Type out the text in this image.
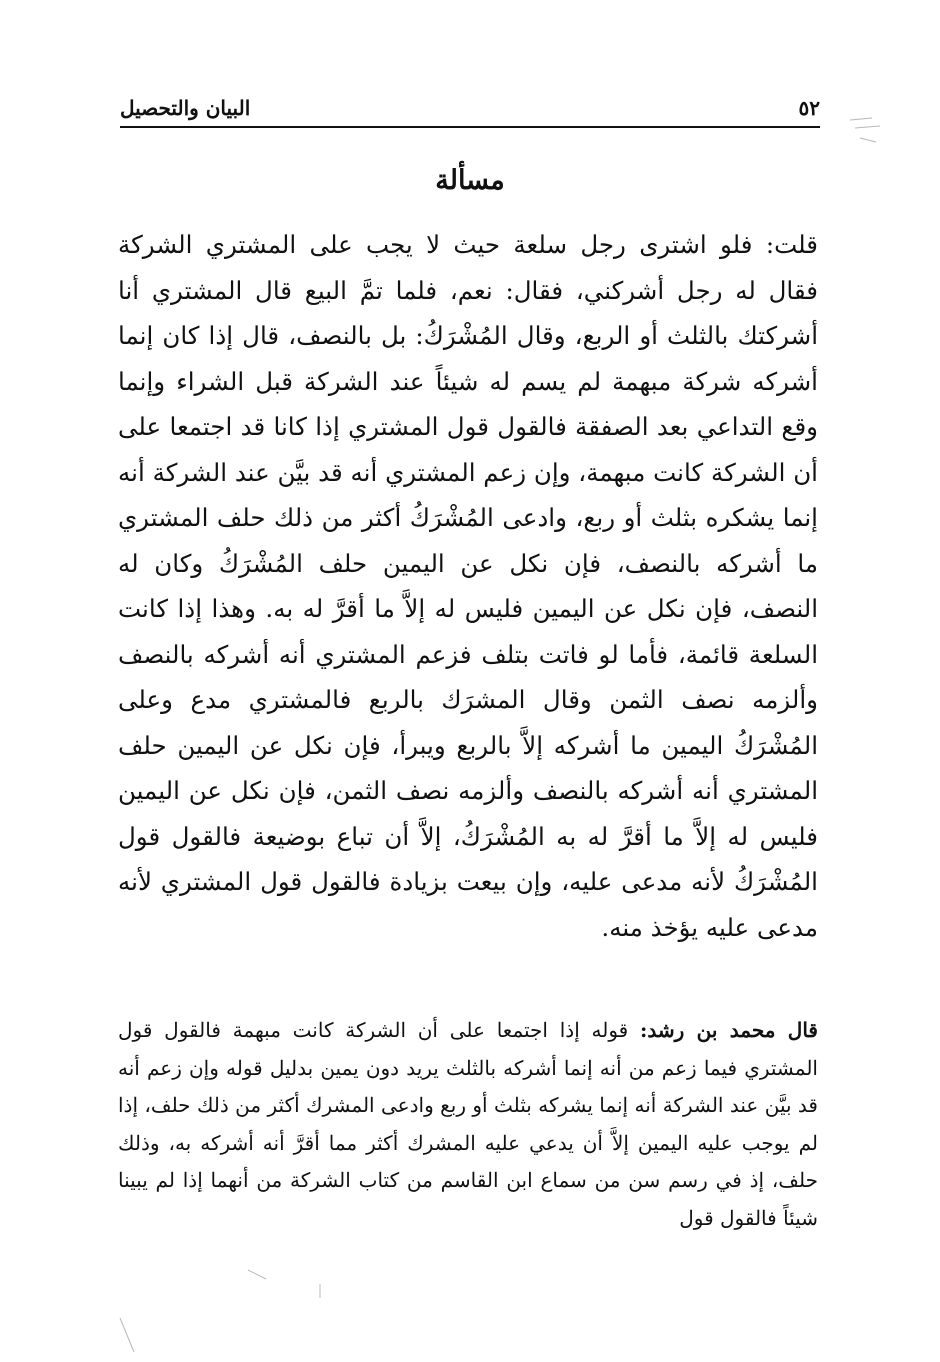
٥٢
البيان والتحصيل
مسألة
قلت: فلو اشترى رجل سلعة حيث لا يجب على المشتري الشركة فقال له رجل أشركني، فقال: نعم، فلما تمَّ البيع قال المشتري أنا أشركتك بالثلث أو الربع، وقال المُشْرَكُ: بل بالنصف، قال إذا كان إنما أشركه شركة مبهمة لم يسم له شيئاً عند الشركة قبل الشراء وإنما وقع التداعي بعد الصفقة فالقول قول المشتري إذا كانا قد اجتمعا على أن الشركة كانت مبهمة، وإن زعم المشتري أنه قد بيَّن عند الشركة أنه إنما يشكره بثلث أو ربع، وادعى المُشْرَكُ أكثر من ذلك حلف المشتري ما أشركه بالنصف، فإن نكل عن اليمين حلف المُشْرَكُ وكان له النصف، فإن نكل عن اليمين فليس له إلاَّ ما أقرَّ له به. وهذا إذا كانت السلعة قائمة، فأما لو فاتت بتلف فزعم المشتري أنه أشركه بالنصف وألزمه نصف الثمن وقال المشرَك بالربع فالمشتري مدع وعلى المُشْرَكُ اليمين ما أشركه إلاَّ بالربع ويبرأ، فإن نكل عن اليمين حلف المشتري أنه أشركه بالنصف وألزمه نصف الثمن، فإن نكل عن اليمين فليس له إلاَّ ما أقرَّ له به المُشْرَكُ، إلاَّ أن تباع بوضيعة فالقول قول المُشْرَكُ لأنه مدعى عليه، وإن بيعت بزيادة فالقول قول المشتري لأنه مدعى عليه يؤخذ منه.
قال محمد بن رشد: قوله إذا اجتمعا على أن الشركة كانت مبهمة فالقول قول المشتري فيما زعم من أنه إنما أشركه بالثلث يريد دون يمين بدليل قوله وإن زعم أنه قد بيَّن عند الشركة أنه إنما يشركه بثلث أو ربع وادعى المشرك أكثر من ذلك حلف، إذا لم يوجب عليه اليمين إلاَّ أن يدعي عليه المشرك أكثر مما أقرَّ أنه أشركه به، وذلك حلف، إذ في رسم سن من سماع ابن القاسم من كتاب الشركة من أنهما إذا لم يبينا شيئاً فالقول قول
